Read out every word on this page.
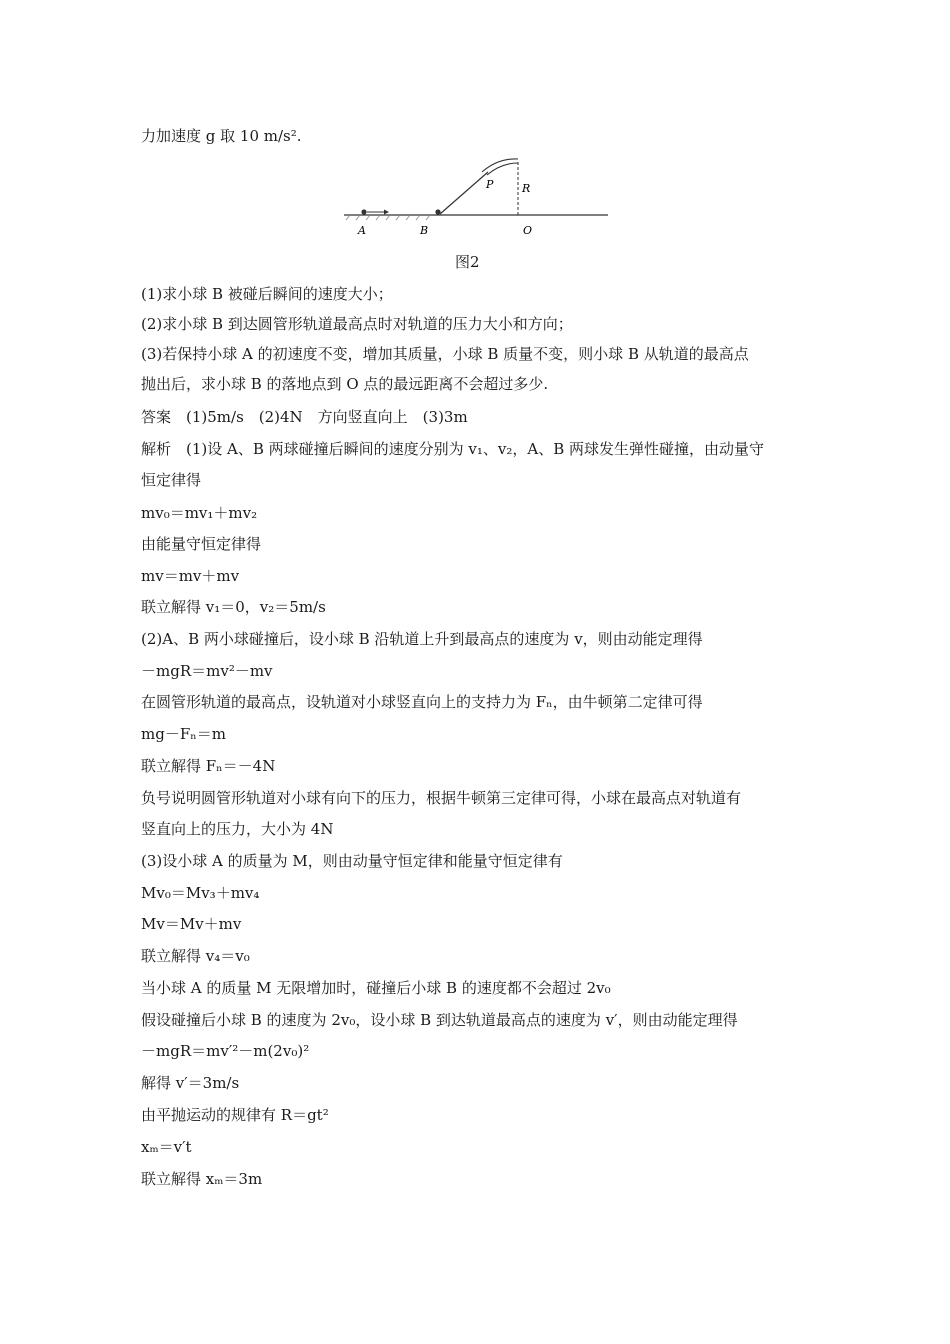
力加速度 g 取 10 m/s².
A	B	O
P	R
图2
(1)求小球 B 被碰后瞬间的速度大小；
(2)求小球 B 到达圆管形轨道最高点时对轨道的压力大小和方向；
(3)若保持小球 A 的初速度不变，增加其质量，小球 B 质量不变，则小球 B 从轨道的最高点
抛出后，求小球 B 的落地点到 O 点的最远距离不会超过多少.
答案　(1)5m/s　(2)4N　方向竖直向上　(3)3m
解析　(1)设 A、B 两球碰撞后瞬间的速度分别为 v₁、v₂，A、B 两球发生弹性碰撞，由动量守
恒定律得
mv₀＝mv₁＋mv₂
由能量守恒定律得
mv＝mv＋mv
联立解得 v₁＝0，v₂＝5m/s
(2)A、B 两小球碰撞后，设小球 B 沿轨道上升到最高点的速度为 v，则由动能定理得
－mgR＝mv²－mv
在圆管形轨道的最高点，设轨道对小球竖直向上的支持力为 Fₙ，由牛顿第二定律可得
mg－Fₙ＝m
联立解得 Fₙ＝－4N
负号说明圆管形轨道对小球有向下的压力，根据牛顿第三定律可得，小球在最高点对轨道有
竖直向上的压力，大小为 4N
(3)设小球 A 的质量为 M，则由动量守恒定律和能量守恒定律有
Mv₀＝Mv₃＋mv₄
Mv＝Mv＋mv
联立解得 v₄＝v₀
当小球 A 的质量 M 无限增加时，碰撞后小球 B 的速度都不会超过 2v₀
假设碰撞后小球 B 的速度为 2v₀，设小球 B 到达轨道最高点的速度为 v′，则由动能定理得
－mgR＝mv′²－m(2v₀)²
解得 v′＝3m/s
由平抛运动的规律有 R＝gt²
xₘ＝v′t
联立解得 xₘ＝3m
